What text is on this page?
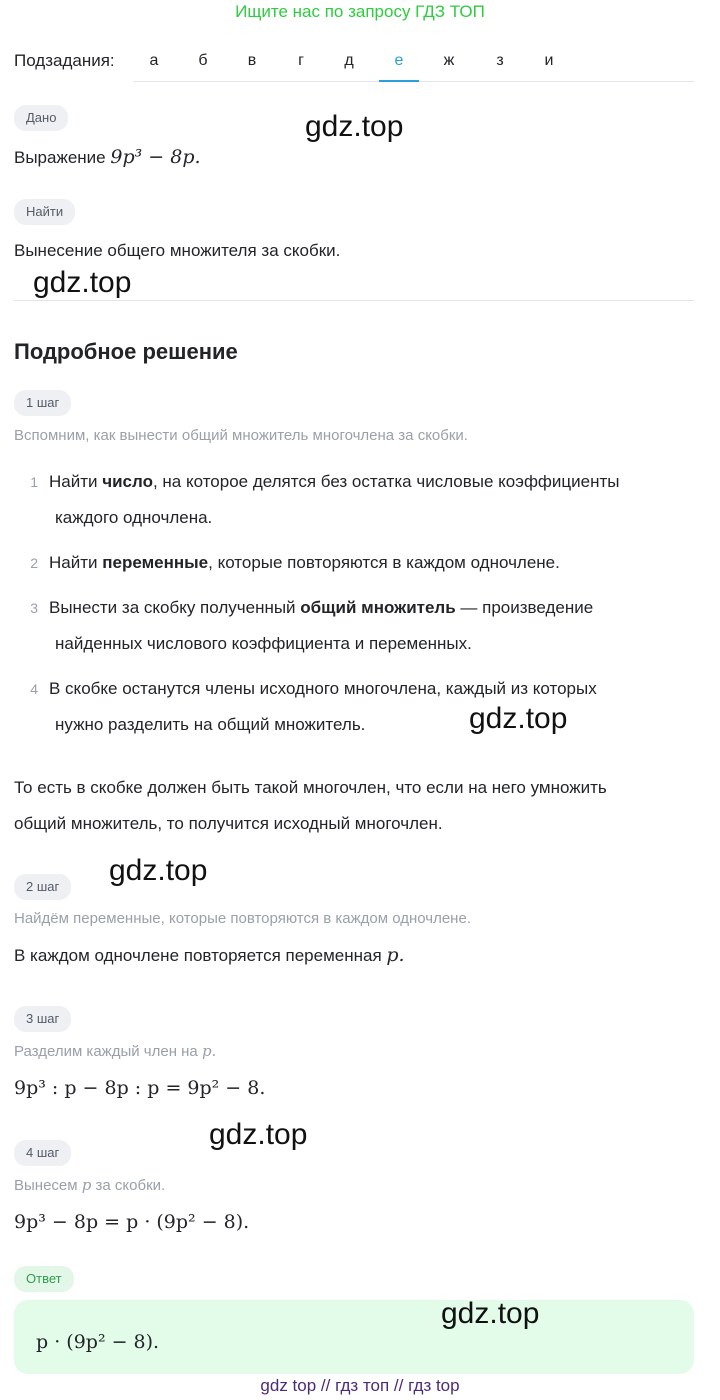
Ищите нас по запросу ГДЗ ТОП
Подзадания:	а	б	в	г	д	е	ж	з	и
Дано
Выражение 9p³ − 8p.
Найти
Вынесение общего множителя за скобки.
Подробное решение
1 шаг
Вспомним, как вынести общий множитель многочлена за скобки.
1 Найти число, на которое делятся без остатка числовые коэффициенты
каждого одночлена.
2 Найти переменные, которые повторяются в каждом одночлене.
3 Вынести за скобку полученный общий множитель — произведение
найденных числового коэффициента и переменных.
4 В скобке останутся члены исходного многочлена, каждый из которых
нужно разделить на общий множитель.
То есть в скобке должен быть такой многочлен, что если на него умножить
общий множитель, то получится исходный многочлен.
2 шаг
Найдём переменные, которые повторяются в каждом одночлене.
В каждом одночлене повторяется переменная p.
3 шаг
Разделим каждый член на p.
9p³ : p − 8p : p = 9p² − 8.
4 шаг
Вынесем p за скобки.
9p³ − 8p = p · (9p² − 8).
Ответ
p · (9p² − 8).
gdz.top
gdz.top
gdz.top
gdz.top
gdz.top
gdz.top
gdz top // гдз топ // гдз top
